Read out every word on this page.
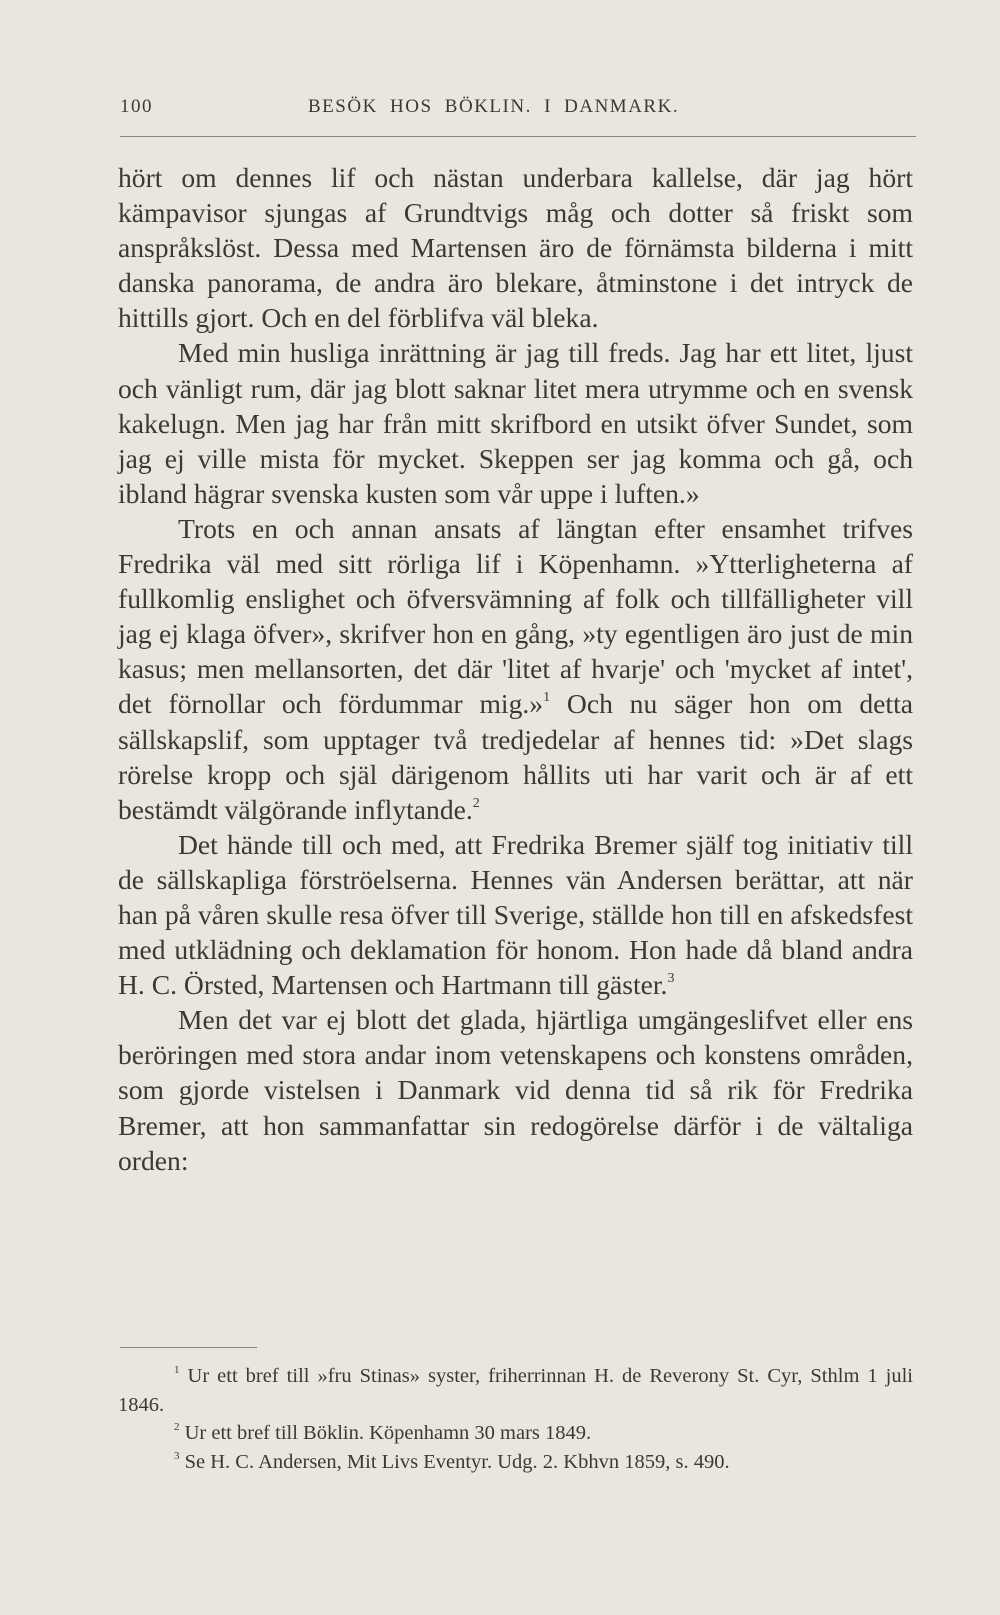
100	BESÖK HOS BÖKLIN. I DANMARK.

hört om dennes lif och nästan underbara kallelse, där jag hört kämpavisor sjungas af Grundtvigs måg och dotter så friskt som anspråkslöst. Dessa med Martensen äro de förnämsta bilderna i mitt danska panorama, de andra äro blekare, åtminstone i det intryck de hittills gjort. Och en del förblifva väl bleka.

Med min husliga inrättning är jag till freds. Jag har ett litet, ljust och vänligt rum, där jag blott saknar litet mera utrymme och en svensk kakelugn. Men jag har från mitt skrifbord en utsikt öfver Sundet, som jag ej ville mista för mycket. Skeppen ser jag komma och gå, och ibland hägrar svenska kusten som vår uppe i luften.»

Trots en och annan ansats af längtan efter ensamhet trifves Fredrika väl med sitt rörliga lif i Köpenhamn. »Ytterligheterna af fullkomlig enslighet och öfversvämning af folk och tillfälligheter vill jag ej klaga öfver», skrifver hon en gång, »ty egentligen äro just de min kasus; men mellansorten, det där 'litet af hvarje' och 'mycket af intet', det förnollar och fördummar mig.»$^1$ Och nu säger hon om detta sällskapslif, som upptager två tredjedelar af hennes tid: »Det slags rörelse kropp och själ därigenom hållits uti har varit och är af ett bestämdt välgörande inflytande.$^2$

Det hände till och med, att Fredrika Bremer själf tog initiativ till de sällskapliga förströelserna. Hennes vän Andersen berättar, att när han på våren skulle resa öfver till Sverige, ställde hon till en afskedsfest med utklädning och deklamation för honom. Hon hade då bland andra H. C. Örsted, Martensen och Hartmann till gäster.$^3$

Men det var ej blott det glada, hjärtliga umgängeslifvet eller ens beröringen med stora andar inom vetenskapens och konstens områden, som gjorde vistelsen i Danmark vid denna tid så rik för Fredrika Bremer, att hon sammanfattar sin redogörelse därför i de vältaliga orden:

$^1$ Ur ett bref till »fru Stinas» syster, friherrinnan H. de Reverony St. Cyr, Sthlm 1 juli 1846.

$^2$ Ur ett bref till Böklin. Köpenhamn 30 mars 1849.

$^3$ Se H. C. Andersen, Mit Livs Eventyr. Udg. 2. Kbhvn 1859, s. 490.
